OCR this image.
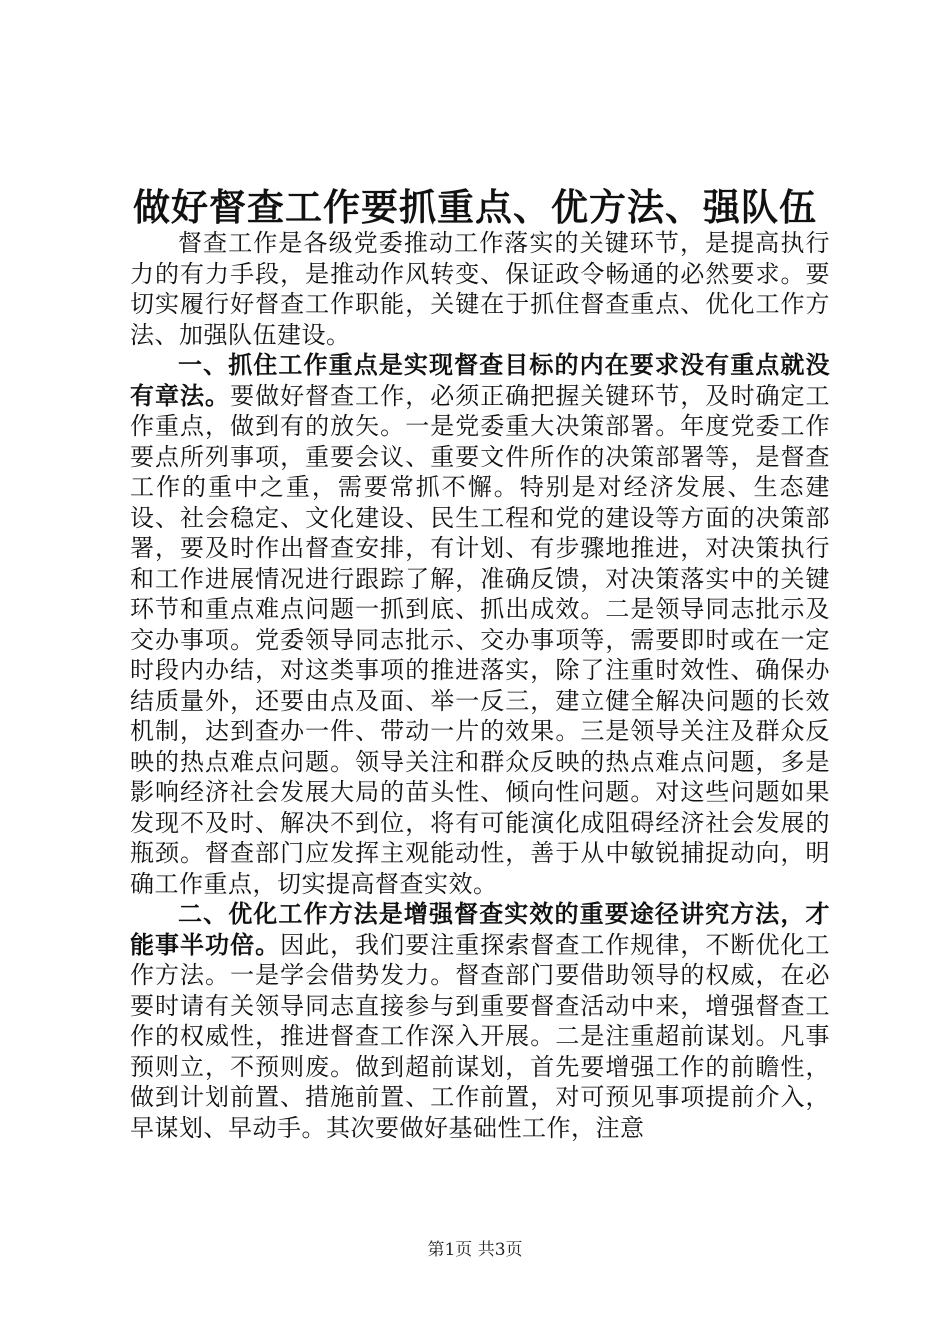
做好督查工作要抓重点、优方法、强队伍

督查工作是各级党委推动工作落实的关键环节，是提高执行力的有力手段，是推动作风转变、保证政令畅通的必然要求。要切实履行好督查工作职能，关键在于抓住督查重点、优化工作方法、加强队伍建设。

一、抓住工作重点是实现督查目标的内在要求没有重点就没有章法。要做好督查工作，必须正确把握关键环节，及时确定工作重点，做到有的放矢。一是党委重大决策部署。年度党委工作要点所列事项，重要会议、重要文件所作的决策部署等，是督查工作的重中之重，需要常抓不懈。特别是对经济发展、生态建设、社会稳定、文化建设、民生工程和党的建设等方面的决策部署，要及时作出督查安排，有计划、有步骤地推进，对决策执行和工作进展情况进行跟踪了解，准确反馈，对决策落实中的关键环节和重点难点问题一抓到底、抓出成效。二是领导同志批示及交办事项。党委领导同志批示、交办事项等，需要即时或在一定时段内办结，对这类事项的推进落实，除了注重时效性、确保办结质量外，还要由点及面、举一反三，建立健全解决问题的长效机制，达到查办一件、带动一片的效果。三是领导关注及群众反映的热点难点问题。领导关注和群众反映的热点难点问题，多是影响经济社会发展大局的苗头性、倾向性问题。对这些问题如果发现不及时、解决不到位，将有可能演化成阻碍经济社会发展的瓶颈。督查部门应发挥主观能动性，善于从中敏锐捕捉动向，明确工作重点，切实提高督查实效。

二、优化工作方法是增强督查实效的重要途径讲究方法，才能事半功倍。因此，我们要注重探索督查工作规律，不断优化工作方法。一是学会借势发力。督查部门要借助领导的权威，在必要时请有关领导同志直接参与到重要督查活动中来，增强督查工作的权威性，推进督查工作深入开展。二是注重超前谋划。凡事预则立，不预则废。做到超前谋划，首先要增强工作的前瞻性，做到计划前置、措施前置、工作前置，对可预见事项提前介入，早谋划、早动手。其次要做好基础性工作，注意

第1页 共3页
